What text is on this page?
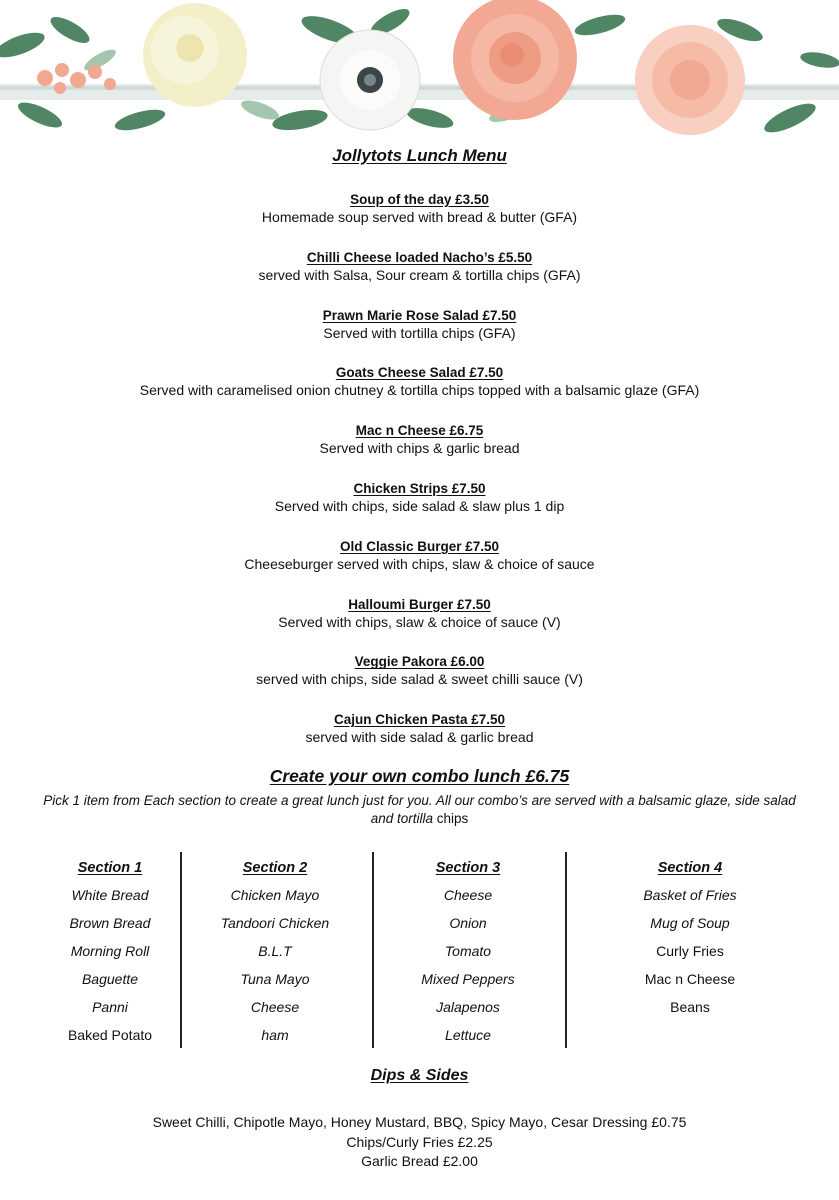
Jollytots Lunch Menu
Soup of the day £3.50
Homemade soup served with bread & butter (GFA)
Chilli Cheese loaded Nacho’s £5.50
served with Salsa, Sour cream & tortilla chips (GFA)
Prawn Marie Rose Salad £7.50
Served with tortilla chips (GFA)
Goats Cheese Salad £7.50
Served with caramelised onion chutney & tortilla chips topped with a balsamic glaze (GFA)
Mac n Cheese £6.75
Served with chips & garlic bread
Chicken Strips £7.50
Served with chips, side salad & slaw plus 1 dip
Old Classic Burger £7.50
Cheeseburger served with chips, slaw & choice of sauce
Halloumi Burger £7.50
Served with chips, slaw & choice of sauce (V)
Veggie Pakora £6.00
served with chips, side salad & sweet chilli sauce (V)
Cajun Chicken Pasta £7.50
served with side salad & garlic bread
Create your own combo lunch £6.75
Pick 1 item from Each section to create a great lunch just for you. All our combo’s are served with a balsamic glaze, side salad and tortilla chips
Section 1
White Bread
Brown Bread
Morning Roll
Baguette
Panni
Baked Potato
Section 2
Chicken Mayo
Tandoori Chicken
B.L.T
Tuna Mayo
Cheese
ham
Section 3
Cheese
Onion
Tomato
Mixed Peppers
Jalapenos
Lettuce
Section 4
Basket of Fries
Mug of Soup
Curly Fries
Mac n Cheese
Beans
Dips & Sides
Sweet Chilli, Chipotle Mayo, Honey Mustard, BBQ, Spicy Mayo, Cesar Dressing £0.75
Chips/Curly Fries £2.25
Garlic Bread £2.00
